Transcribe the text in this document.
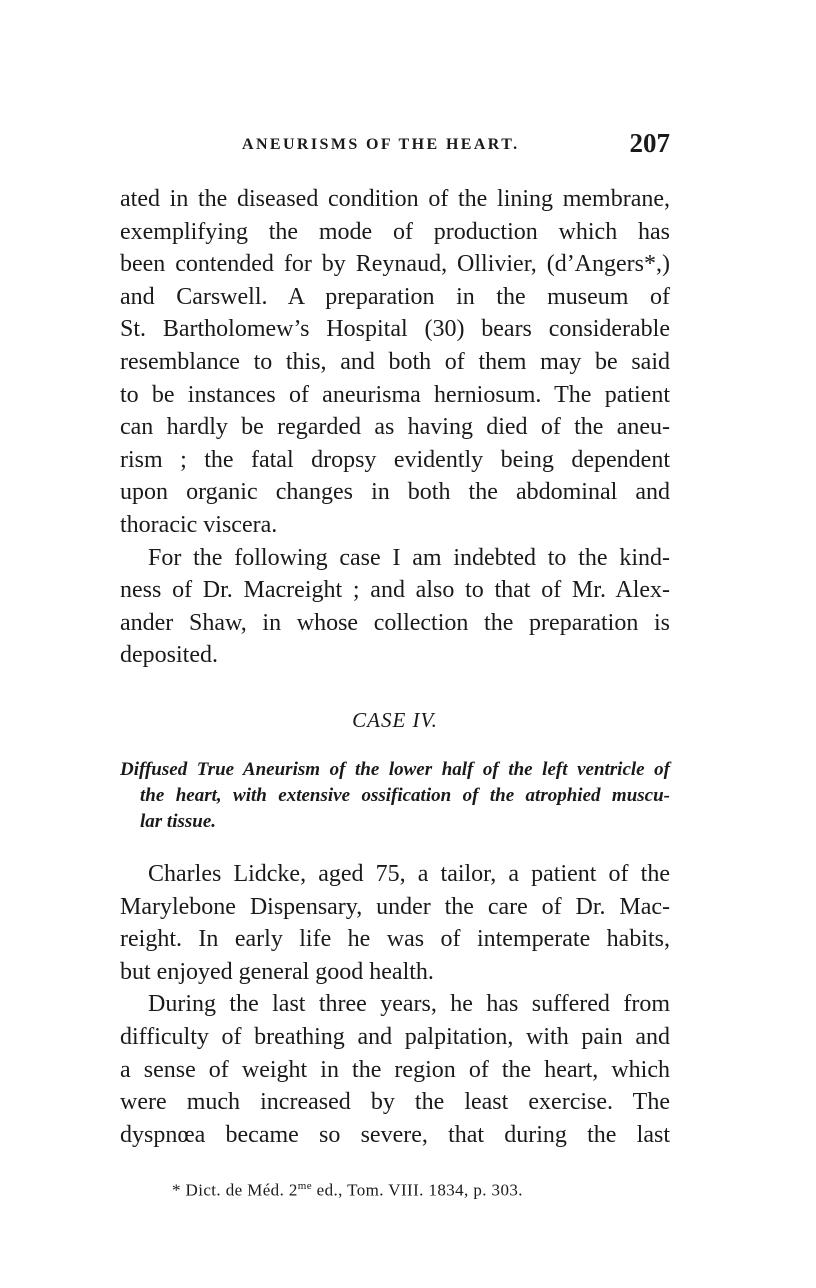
ANEURISMS OF THE HEART.	207
ated in the diseased condition of the lining membrane,
exemplifying the mode of production which has
been contended for by Reynaud, Ollivier, (d’Angers*,)
and Carswell. A preparation in the museum of
St. Bartholomew’s Hospital (30) bears considerable
resemblance to this, and both of them may be said
to be instances of aneurisma herniosum. The patient
can hardly be regarded as having died of the aneu-
rism ; the fatal dropsy evidently being dependent
upon organic changes in both the abdominal and
thoracic viscera.
For the following case I am indebted to the kind-
ness of Dr. Macreight ; and also to that of Mr. Alex-
ander Shaw, in whose collection the preparation is
deposited.
CASE IV.
Diffused True Aneurism of the lower half of the left ventricle of
the heart, with extensive ossification of the atrophied muscu-
lar tissue.
Charles Lidcke, aged 75, a tailor, a patient of the
Marylebone Dispensary, under the care of Dr. Mac-
reight. In early life he was of intemperate habits,
but enjoyed general good health.
During the last three years, he has suffered from
difficulty of breathing and palpitation, with pain and
a sense of weight in the region of the heart, which
were much increased by the least exercise. The
dyspnœa became so severe, that during the last
* Dict. de Méd. $2^{me}$ ed., Tom. VIII. 1834, p. 303.
